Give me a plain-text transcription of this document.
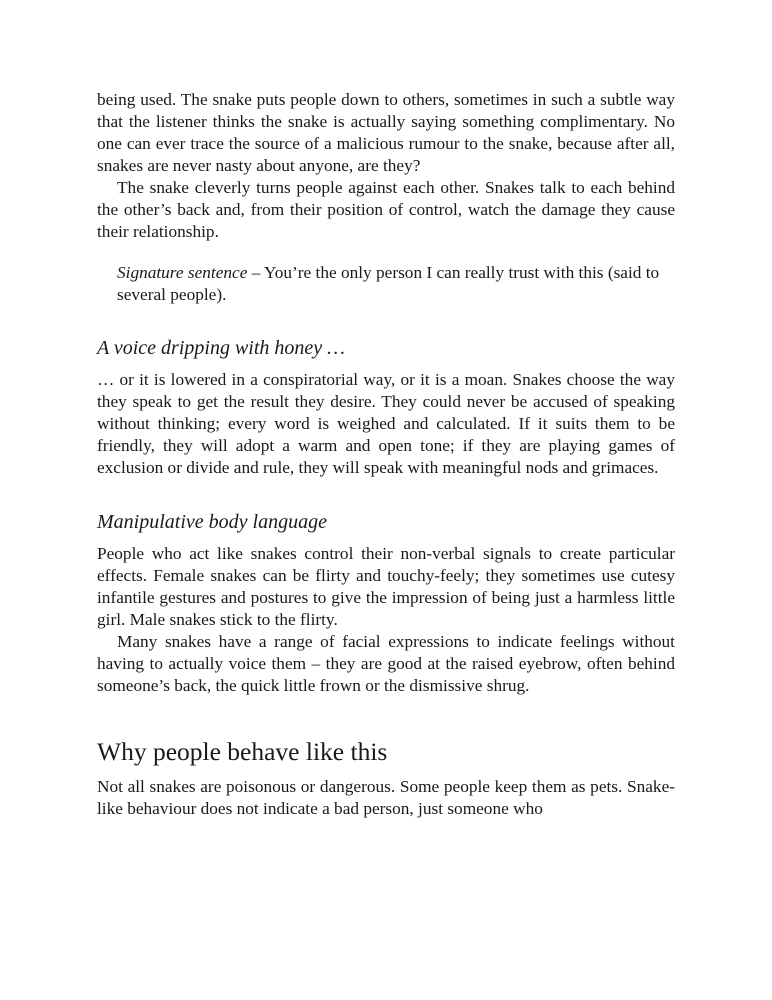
being used. The snake puts people down to others, sometimes in such a subtle way that the listener thinks the snake is actually saying something complimentary. No one can ever trace the source of a malicious rumour to the snake, because after all, snakes are never nasty about anyone, are they?

The snake cleverly turns people against each other. Snakes talk to each behind the other’s back and, from their position of control, watch the damage they cause their relationship.

Signature sentence – You’re the only person I can really trust with this (said to several people).

A voice dripping with honey …

… or it is lowered in a conspiratorial way, or it is a moan. Snakes choose the way they speak to get the result they desire. They could never be accused of speaking without thinking; every word is weighed and calculated. If it suits them to be friendly, they will adopt a warm and open tone; if they are playing games of exclusion or divide and rule, they will speak with meaningful nods and grimaces.

Manipulative body language

People who act like snakes control their non-verbal signals to create particular effects. Female snakes can be flirty and touchy-feely; they sometimes use cutesy infantile gestures and postures to give the impression of being just a harmless little girl. Male snakes stick to the flirty.

Many snakes have a range of facial expressions to indicate feelings without having to actually voice them – they are good at the raised eyebrow, often behind someone’s back, the quick little frown or the dismissive shrug.

Why people behave like this

Not all snakes are poisonous or dangerous. Some people keep them as pets. Snake-like behaviour does not indicate a bad person, just someone who
